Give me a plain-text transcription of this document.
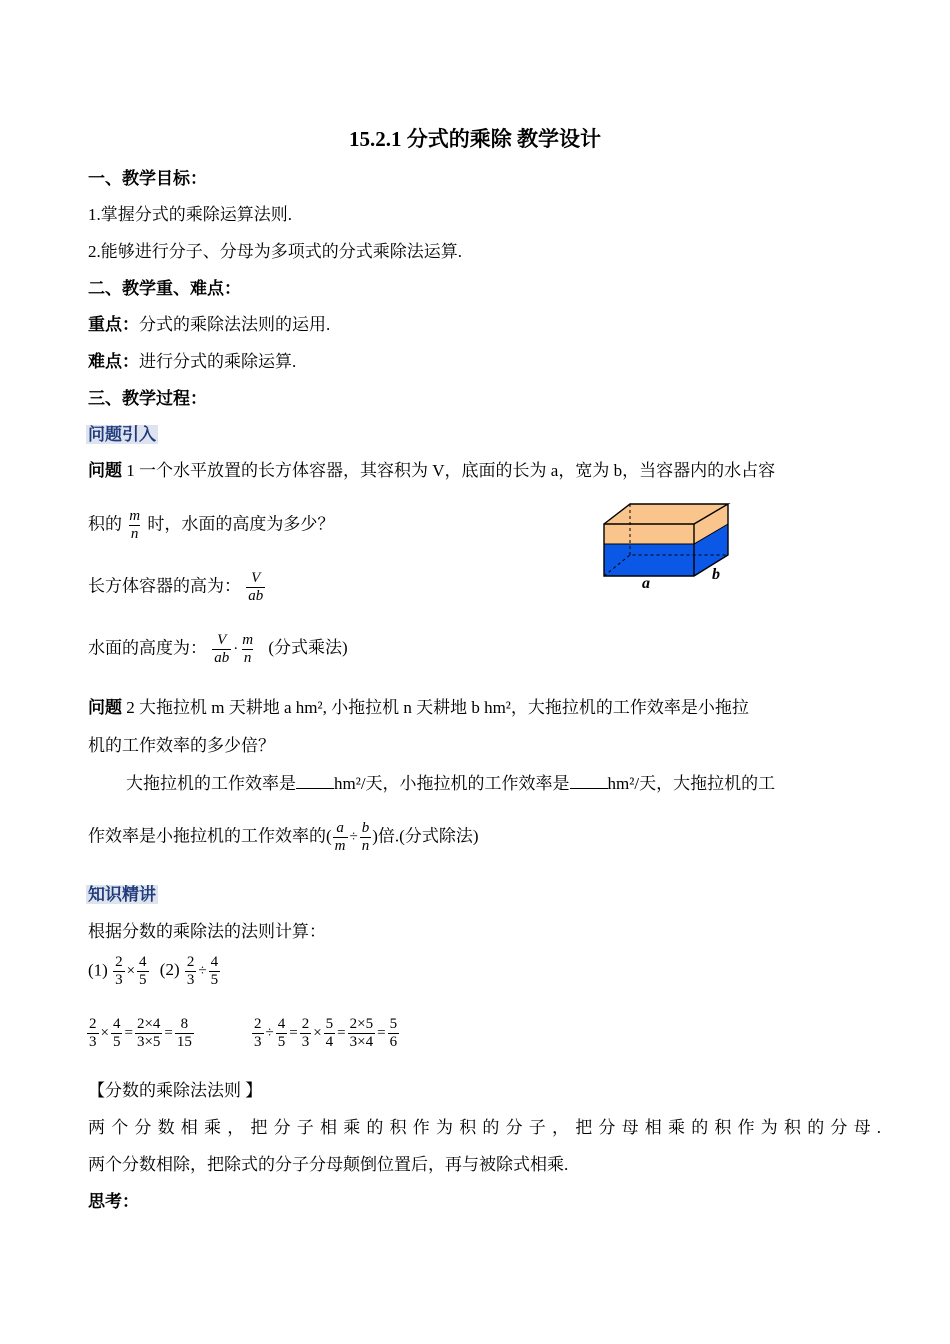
15.2.1 分式的乘除 教学设计
一、教学目标：
1.掌握分式的乘除运算法则.
2.能够进行分子、分母为多项式的分式乘除法运算.
二、教学重、难点：
重点：分式的乘除法法则的运用.
难点：进行分式的乘除运算.
三、教学过程：
问题引入
问题 1 一个水平放置的长方体容器，其容积为 V，底面的长为 a，宽为 b，当容器内的水占容
积的 $\frac{m}{n}$ 时，水面的高度为多少？
长方体容器的高为： $\frac{V}{ab}$
水面的高度为： $\frac{V}{ab} \cdot \frac{m}{n}$ (分式乘法)
a
b
问题 2 大拖拉机 m 天耕地 a hm², 小拖拉机 n 天耕地 b hm²，大拖拉机的工作效率是小拖拉
机的工作效率的多少倍？
大拖拉机的工作效率是 hm²/天，小拖拉机的工作效率是 hm²/天，大拖拉机的工
作效率是小拖拉机的工作效率的( $\frac{a}{m} \div \frac{b}{n}$ )倍.(分式除法)
知识精讲
根据分数的乘除法的法则计算：
$(1) \frac{2}{3} \times \frac{4}{5} (2) \frac{2}{3} \div \frac{4}{5}$
$\frac{2}{3} \times \frac{4}{5} = \frac{2\times 4}{3\times 5} = \frac{8}{15}$	$\frac{2}{3} \div \frac{4}{5} = \frac{2}{3} \times \frac{5}{4} = \frac{2\times 5}{3\times 4} = \frac{5}{6}$
【分数的乘除法法则 】
两个分数相乘，把分子相乘的积作为积的分子，把分母相乘的积作为积的分母.
两个分数相除，把除式的分子分母颠倒位置后，再与被除式相乘.
思考：
